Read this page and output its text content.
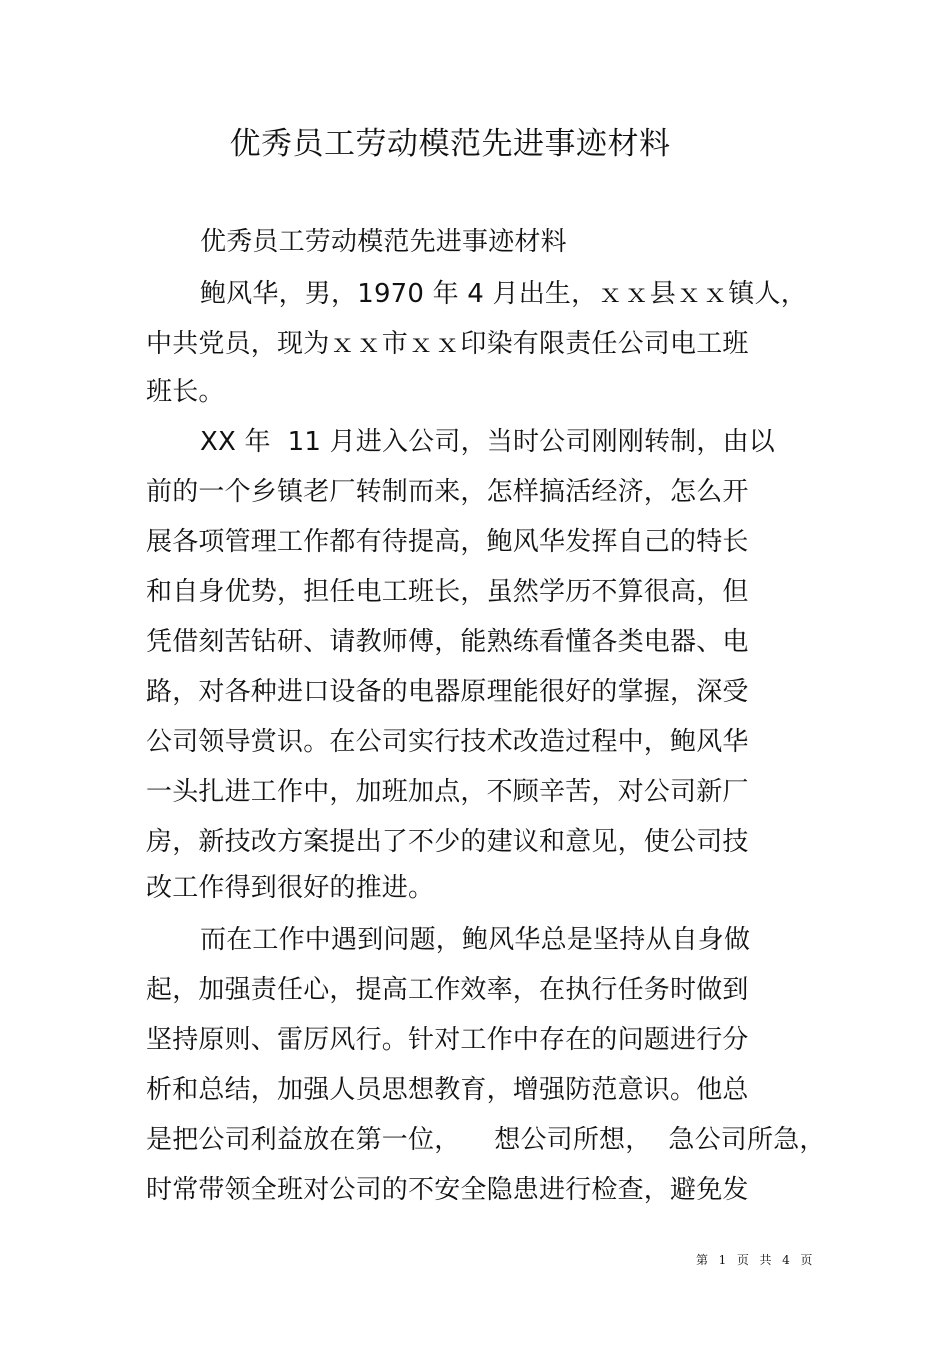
优秀员工劳动模范先进事迹材料
优秀员工劳动模范先进事迹材料
鲍风华，男，1970 年 4 月出生，ｘｘ县ｘｘ镇人，
中共党员，现为ｘｘ市ｘｘ印染有限责任公司电工班
班长。
XX 年  11 月进入公司，当时公司刚刚转制，由以
前的一个乡镇老厂转制而来，怎样搞活经济，怎么开
展各项管理工作都有待提高，鲍风华发挥自己的特长
和自身优势，担任电工班长，虽然学历不算很高，但
凭借刻苦钻研、请教师傅，能熟练看懂各类电器、电
路，对各种进口设备的电器原理能很好的掌握，深受
公司领导赏识。在公司实行技术改造过程中，鲍风华
一头扎进工作中，加班加点，不顾辛苦，对公司新厂
房，新技改方案提出了不少的建议和意见，使公司技
改工作得到很好的推进。
而在工作中遇到问题，鲍风华总是坚持从自身做
起，加强责任心，提高工作效率，在执行任务时做到
坚持原则、雷厉风行。针对工作中存在的问题进行分
析和总结，加强人员思想教育，增强防范意识。他总
是把公司利益放在第一位，    想公司所想，  急公司所急，
时常带领全班对公司的不安全隐患进行检查，避免发
第  1  页  共  4  页
